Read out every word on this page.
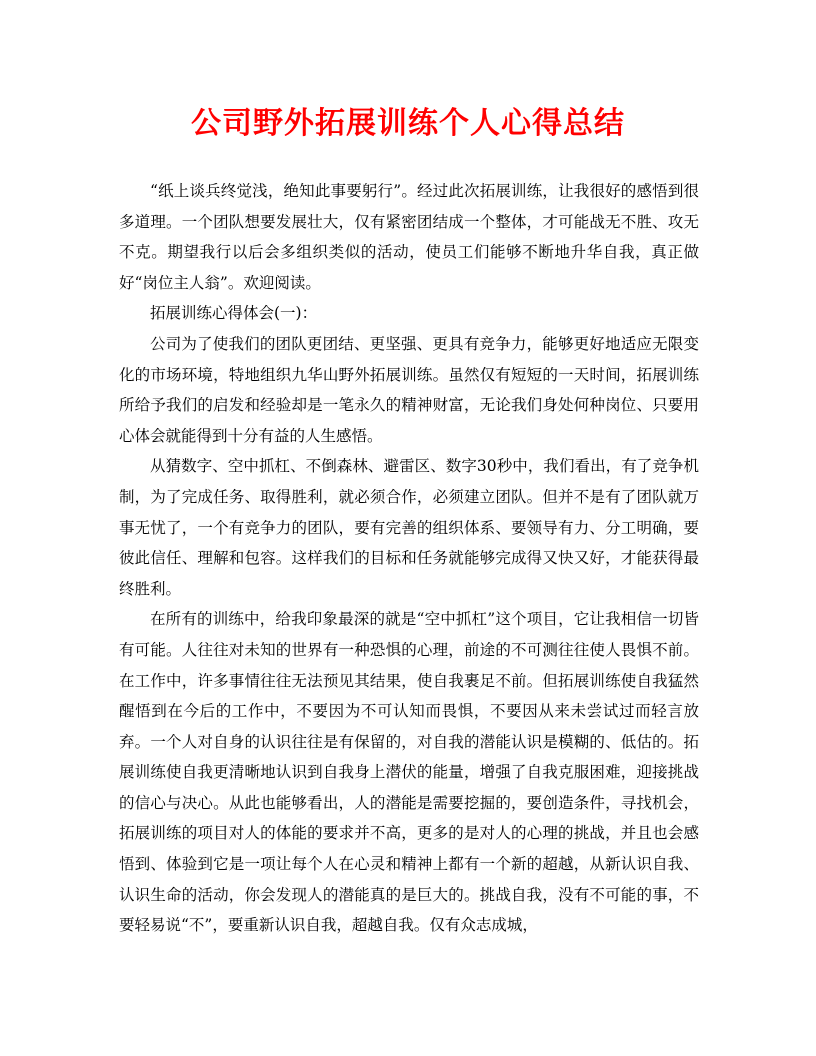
公司野外拓展训练个人心得总结

“纸上谈兵终觉浅，绝知此事要躬行”。经过此次拓展训练，让我很好的感悟到很多道理。一个团队想要发展壮大，仅有紧密团结成一个整体，才可能战无不胜、攻无不克。期望我行以后会多组织类似的活动，使员工们能够不断地升华自我，真正做好“岗位主人翁”。欢迎阅读。

拓展训练心得体会(一)：

公司为了使我们的团队更团结、更坚强、更具有竞争力，能够更好地适应无限变化的市场环境，特地组织九华山野外拓展训练。虽然仅有短短的一天时间，拓展训练所给予我们的启发和经验却是一笔永久的精神财富，无论我们身处何种岗位、只要用心体会就能得到十分有益的人生感悟。

从猜数字、空中抓杠、不倒森林、避雷区、数字30秒中，我们看出，有了竞争机制，为了完成任务、取得胜利，就必须合作，必须建立团队。但并不是有了团队就万事无忧了，一个有竞争力的团队，要有完善的组织体系、要领导有力、分工明确，要彼此信任、理解和包容。这样我们的目标和任务就能够完成得又快又好，才能获得最终胜利。

在所有的训练中，给我印象最深的就是“空中抓杠”这个项目，它让我相信一切皆有可能。人往往对未知的世界有一种恐惧的心理，前途的不可测往往使人畏惧不前。在工作中，许多事情往往无法预见其结果，使自我裹足不前。但拓展训练使自我猛然醒悟到在今后的工作中，不要因为不可认知而畏惧，不要因从来未尝试过而轻言放弃。一个人对自身的认识往往是有保留的，对自我的潜能认识是模糊的、低估的。拓展训练使自我更清晰地认识到自我身上潜伏的能量，增强了自我克服困难，迎接挑战的信心与决心。从此也能够看出，人的潜能是需要挖掘的，要创造条件，寻找机会，拓展训练的项目对人的体能的要求并不高，更多的是对人的心理的挑战，并且也会感悟到、体验到它是一项让每个人在心灵和精神上都有一个新的超越，从新认识自我、认识生命的活动，你会发现人的潜能真的是巨大的。挑战自我，没有不可能的事，不要轻易说“不”，要重新认识自我，超越自我。仅有众志成城，
